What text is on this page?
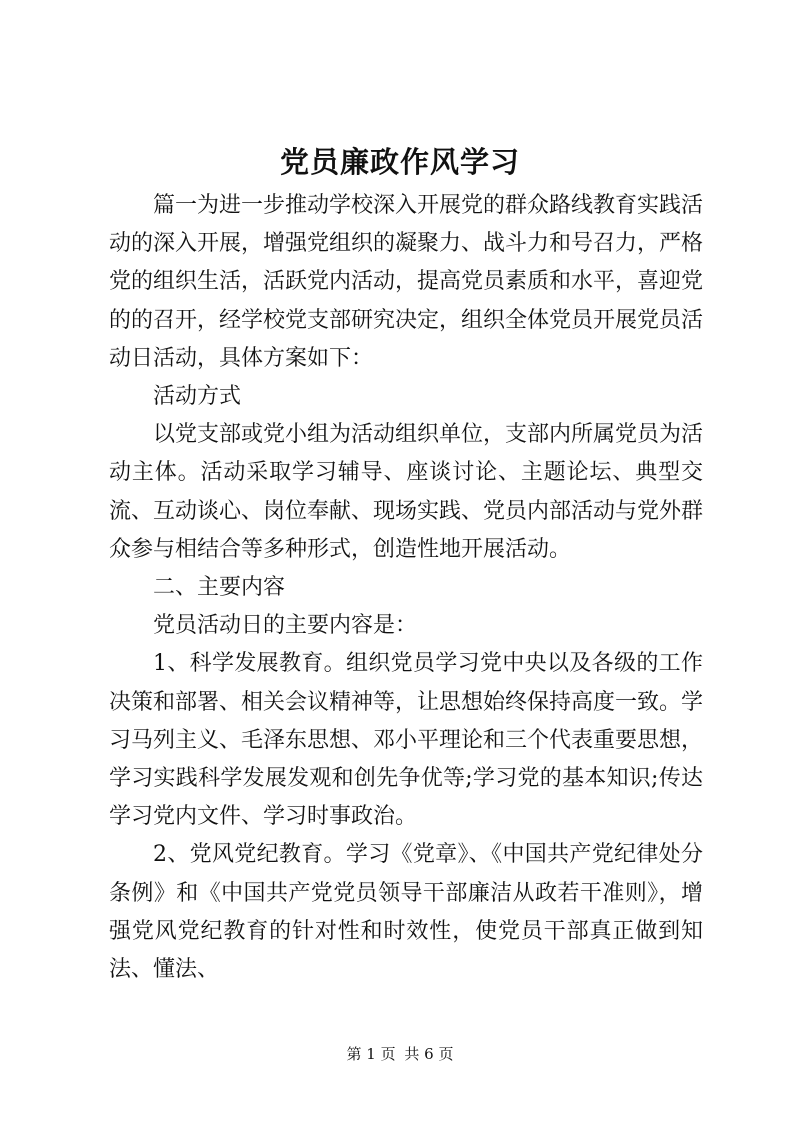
党员廉政作风学习

篇一为进一步推动学校深入开展党的群众路线教育实践活动的深入开展，增强党组织的凝聚力、战斗力和号召力，严格党的组织生活，活跃党内活动，提高党员素质和水平，喜迎党的的召开，经学校党支部研究决定，组织全体党员开展党员活动日活动，具体方案如下：

活动方式

以党支部或党小组为活动组织单位，支部内所属党员为活动主体。活动采取学习辅导、座谈讨论、主题论坛、典型交流、互动谈心、岗位奉献、现场实践、党员内部活动与党外群众参与相结合等多种形式，创造性地开展活动。

二、主要内容

党员活动日的主要内容是：

1、科学发展教育。组织党员学习党中央以及各级的工作决策和部署、相关会议精神等，让思想始终保持高度一致。学习马列主义、毛泽东思想、邓小平理论和三个代表重要思想，学习实践科学发展发观和创先争优等;学习党的基本知识;传达学习党内文件、学习时事政治。

2、党风党纪教育。学习《党章》、《中国共产党纪律处分条例》和《中国共产党党员领导干部廉洁从政若干准则》，增强党风党纪教育的针对性和时效性，使党员干部真正做到知法、懂法、

第 1 页 共 6 页
